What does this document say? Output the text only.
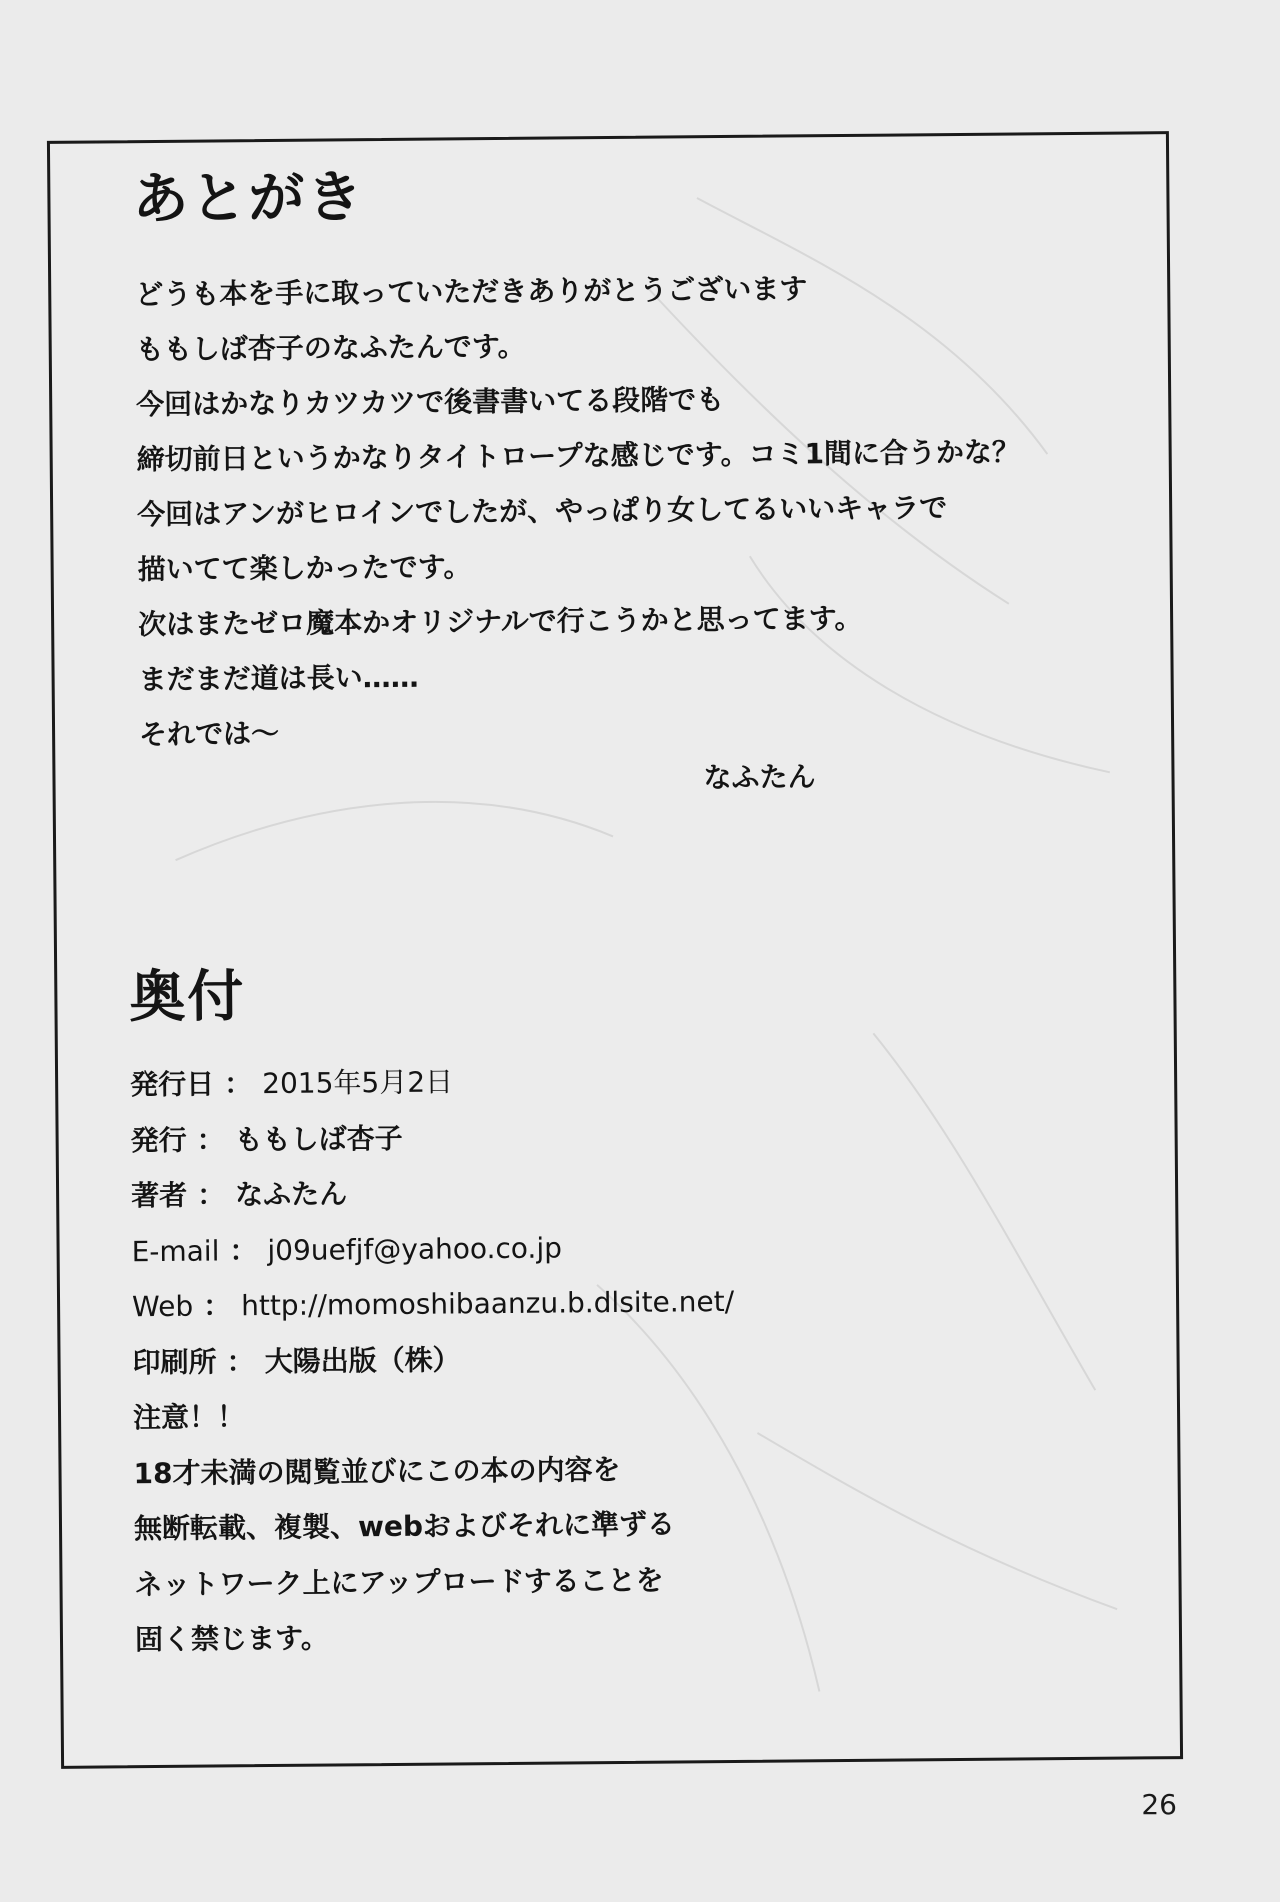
あとがき
どうも本を手に取っていただきありがとうございます
ももしば杏子のなふたんです。
今回はかなりカツカツで後書書いてる段階でも
締切前日というかなりタイトロープな感じです。コミ1間に合うかな？
今回はアンがヒロインでしたが、やっぱり女してるいいキャラで
描いてて楽しかったです。
次はまたゼロ魔本かオリジナルで行こうかと思ってます。
まだまだ道は長い……
それでは～
なふたん
奥付
発行日 ： 2015年5月2日
発行 ： ももしば杏子
著者 ： なふたん
E-mail ： j09uefjf@yahoo.co.jp
Web ： http://momoshibaanzu.b.dlsite.net/
印刷所 ： 大陽出版（株）
注意！！
18才未満の閲覧並びにこの本の内容を
無断転載、複製、webおよびそれに準ずる
ネットワーク上にアップロードすることを
固く禁じます。
26
